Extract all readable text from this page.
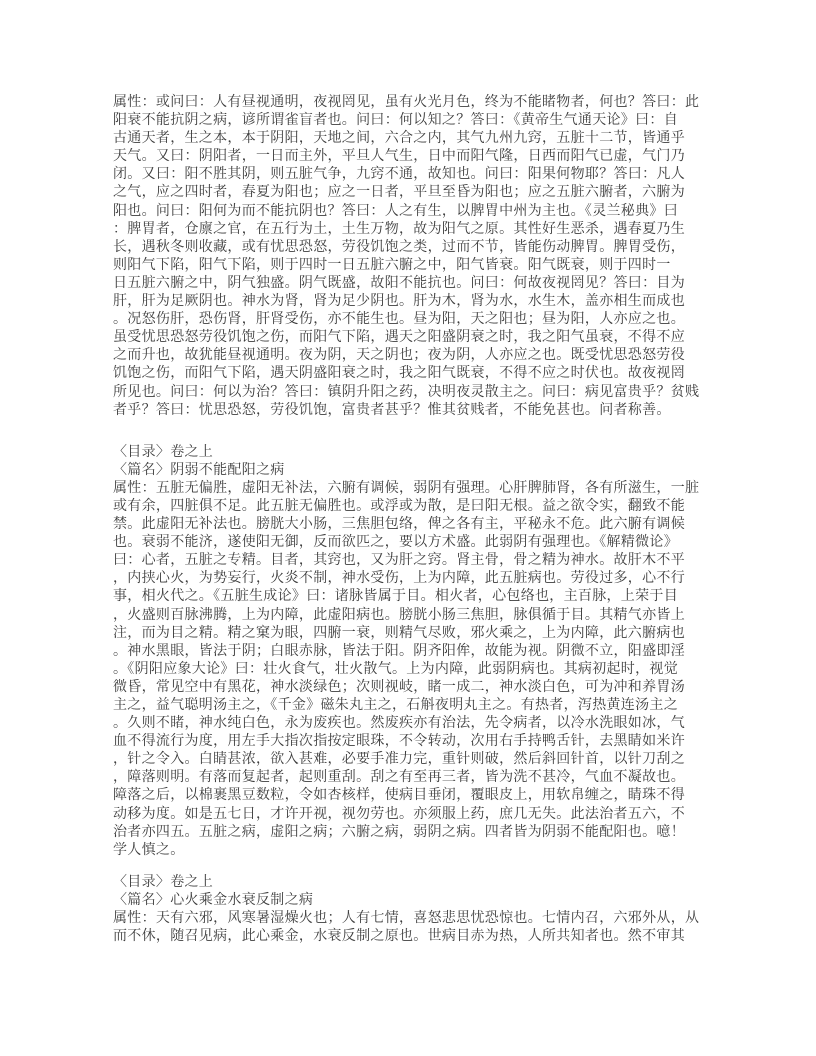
属性：或问曰：人有昼视通明，夜视罔见，虽有火光月色，终为不能睹物者，何也？答曰：此
阳衰不能抗阴之病，谚所谓雀盲者也。问曰：何以知之？答曰：《黄帝生气通天论》曰：自
古通天者，生之本，本于阴阳，天地之间，六合之内，其气九州九窍，五脏十二节，皆通乎
天气。又曰：阴阳者，一日而主外，平旦人气生，日中而阳气隆，日西而阳气已虚，气门乃
闭。又曰：阳不胜其阴，则五脏气争，九窍不通，故知也。问曰：阳果何物耶？答曰：凡人
之气，应之四时者，春夏为阳也；应之一日者，平旦至昏为阳也；应之五脏六腑者，六腑为
阳也。问曰：阳何为而不能抗阴也？答曰：人之有生，以脾胃中州为主也。《灵兰秘典》曰
：脾胃者，仓廪之官，在五行为土，土生万物，故为阳气之原。其性好生恶杀，遇春夏乃生
长，遇秋冬则收藏，或有忧思恐怒，劳役饥饱之类，过而不节，皆能伤动脾胃。脾胃受伤，
则阳气下陷，阳气下陷，则于四时一日五脏六腑之中，阳气皆衰。阳气既衰，则于四时一
日五脏六腑之中，阴气独盛。阴气既盛，故阳不能抗也。问曰：何故夜视罔见？答曰：目为
肝，肝为足厥阴也。神水为肾，肾为足少阴也。肝为木，肾为水，水生木，盖亦相生而成也
。况怒伤肝，恐伤肾，肝肾受伤，亦不能生也。昼为阳，天之阳也；昼为阳，人亦应之也。
虽受忧思恐怒劳役饥饱之伤，而阳气下陷，遇天之阳盛阴衰之时，我之阳气虽衰，不得不应
之而升也，故犹能昼视通明。夜为阴，天之阴也；夜为阴，人亦应之也。既受忧思恐怒劳役
饥饱之伤，而阳气下陷，遇天阴盛阳衰之时，我之阳气既衰，不得不应之时伏也。故夜视罔
所见也。问曰：何以为治？答曰：镇阴升阳之药，决明夜灵散主之。问曰：病见富贵乎？贫贱
者乎？答曰：忧思恐怒，劳役饥饱，富贵者甚乎？惟其贫贱者，不能免甚也。问者称善。
〈目录〉卷之上
〈篇名〉阴弱不能配阳之病
属性：五脏无偏胜，虚阳无补法，六腑有调候，弱阴有强理。心肝脾肺肾，各有所滋生，一脏
或有余，四脏俱不足。此五脏无偏胜也。或浮或为散，是曰阳无根。益之欲令实，翻致不能
禁。此虚阳无补法也。膀胱大小肠，三焦胆包络，俾之各有主，平秘永不危。此六腑有调候
也。衰弱不能济，遂使阳无御，反而欲匹之，要以方术盛。此弱阴有强理也。《解精微论》
曰：心者，五脏之专精。目者，其窍也，又为肝之窍。肾主骨，骨之精为神水。故肝木不平
，内挟心火，为势妄行，火炎不制，神水受伤，上为内障，此五脏病也。劳役过多，心不行
事，相火代之。《五脏生成论》曰：诸脉皆属于目。相火者，心包络也，主百脉，上荣于目
，火盛则百脉沸腾，上为内障，此虚阳病也。膀胱小肠三焦胆，脉俱循于目。其精气亦皆上
注，而为目之精。精之窠为眼，四腑一衰，则精气尽败，邪火乘之，上为内障，此六腑病也
。神水黑眼，皆法于阴；白眼赤脉，皆法于阳。阴齐阳侔，故能为视。阴微不立，阳盛即淫
。《阴阳应象大论》曰：壮火食气，壮火散气。上为内障，此弱阴病也。其病初起时，视觉
微昏，常见空中有黑花，神水淡绿色；次则视岐，睹一成二，神水淡白色，可为冲和养胃汤
主之，益气聪明汤主之，《千金》磁朱丸主之，石斛夜明丸主之。有热者，泻热黄连汤主之
。久则不睹，神水纯白色，永为废疾也。然废疾亦有治法，先令病者，以冷水洗眼如冰，气
血不得流行为度，用左手大指次指按定眼珠，不令转动，次用右手持鸭舌针，去黑睛如米许
，针之令入。白睛甚浓，欲入甚难，必要手准力完，重针则破，然后斜回针首，以针刀刮之
，障落则明。有落而复起者，起则重刮。刮之有至再三者，皆为洗不甚冷，气血不凝故也。
障落之后，以棉裹黑豆数粒，令如杏核样，使病目垂闭，覆眼皮上，用软帛缠之，睛珠不得
动移为度。如是五七日，才许开视，视勿劳也。亦须服上药，庶几无失。此法治者五六，不
治者亦四五。五脏之病，虚阳之病；六腑之病，弱阴之病。四者皆为阴弱不能配阳也。噫！
学人慎之。
〈目录〉卷之上
〈篇名〉心火乘金水衰反制之病
属性：天有六邪，风寒暑湿燥火也；人有七情，喜怒悲思忧恐惊也。七情内召，六邪外从，从
而不休，随召见病，此心乘金，水衰反制之原也。世病目赤为热，人所共知者也。然不审其
